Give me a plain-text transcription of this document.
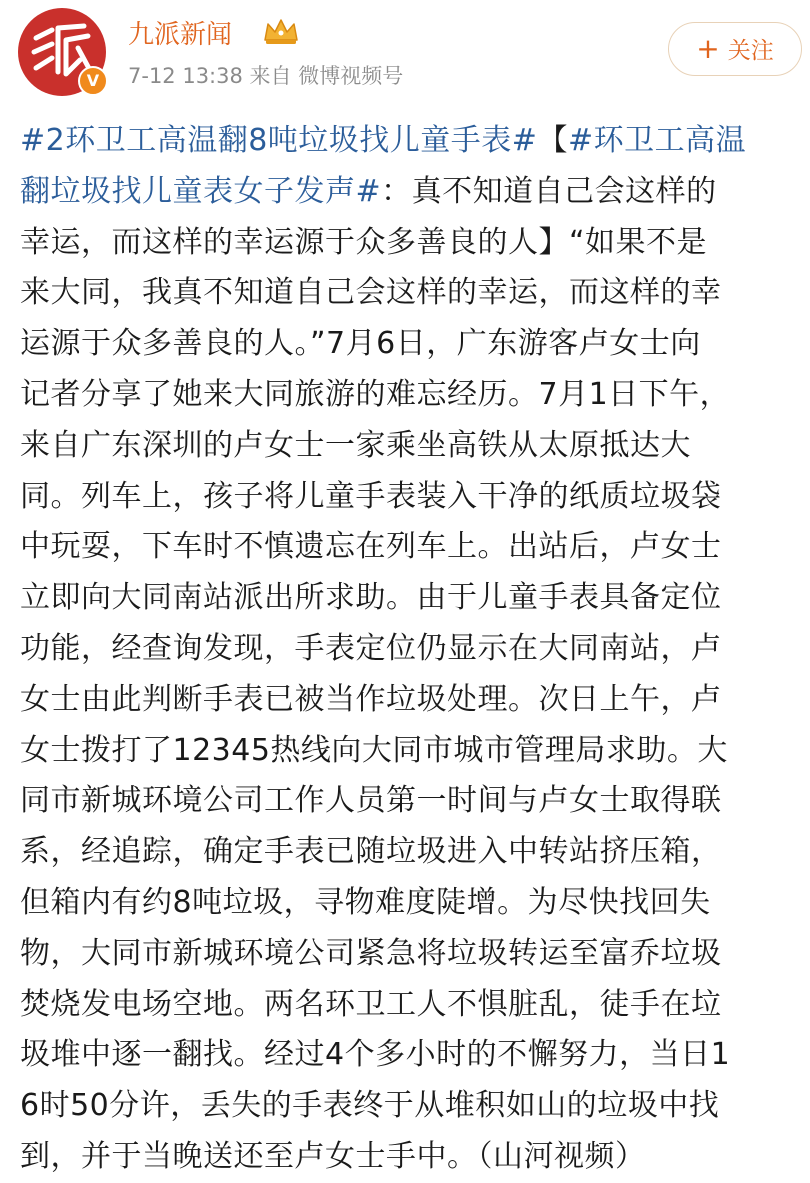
V
九派新闻
7-12 13:38 来自 微博视频号
+ 关注
#2环卫工高温翻8吨垃圾找儿童手表#【#环卫工高温
翻垃圾找儿童表女子发声#：真不知道自己会这样的
幸运，而这样的幸运源于众多善良的人】“如果不是
来大同，我真不知道自己会这样的幸运，而这样的幸
运源于众多善良的人。”7月6日，广东游客卢女士向
记者分享了她来大同旅游的难忘经历。7月1日下午，
来自广东深圳的卢女士一家乘坐高铁从太原抵达大
同。列车上，孩子将儿童手表装入干净的纸质垃圾袋
中玩耍，下车时不慎遗忘在列车上。出站后，卢女士
立即向大同南站派出所求助。由于儿童手表具备定位
功能，经查询发现，手表定位仍显示在大同南站，卢
女士由此判断手表已被当作垃圾处理。次日上午，卢
女士拨打了12345热线向大同市城市管理局求助。大
同市新城环境公司工作人员第一时间与卢女士取得联
系，经追踪，确定手表已随垃圾进入中转站挤压箱，
但箱内有约8吨垃圾，寻物难度陡增。为尽快找回失
物，大同市新城环境公司紧急将垃圾转运至富乔垃圾
焚烧发电场空地。两名环卫工人不惧脏乱，徒手在垃
圾堆中逐一翻找。经过4个多小时的不懈努力，当日1
6时50分许，丢失的手表终于从堆积如山的垃圾中找
到，并于当晚送还至卢女士手中。（山河视频）
